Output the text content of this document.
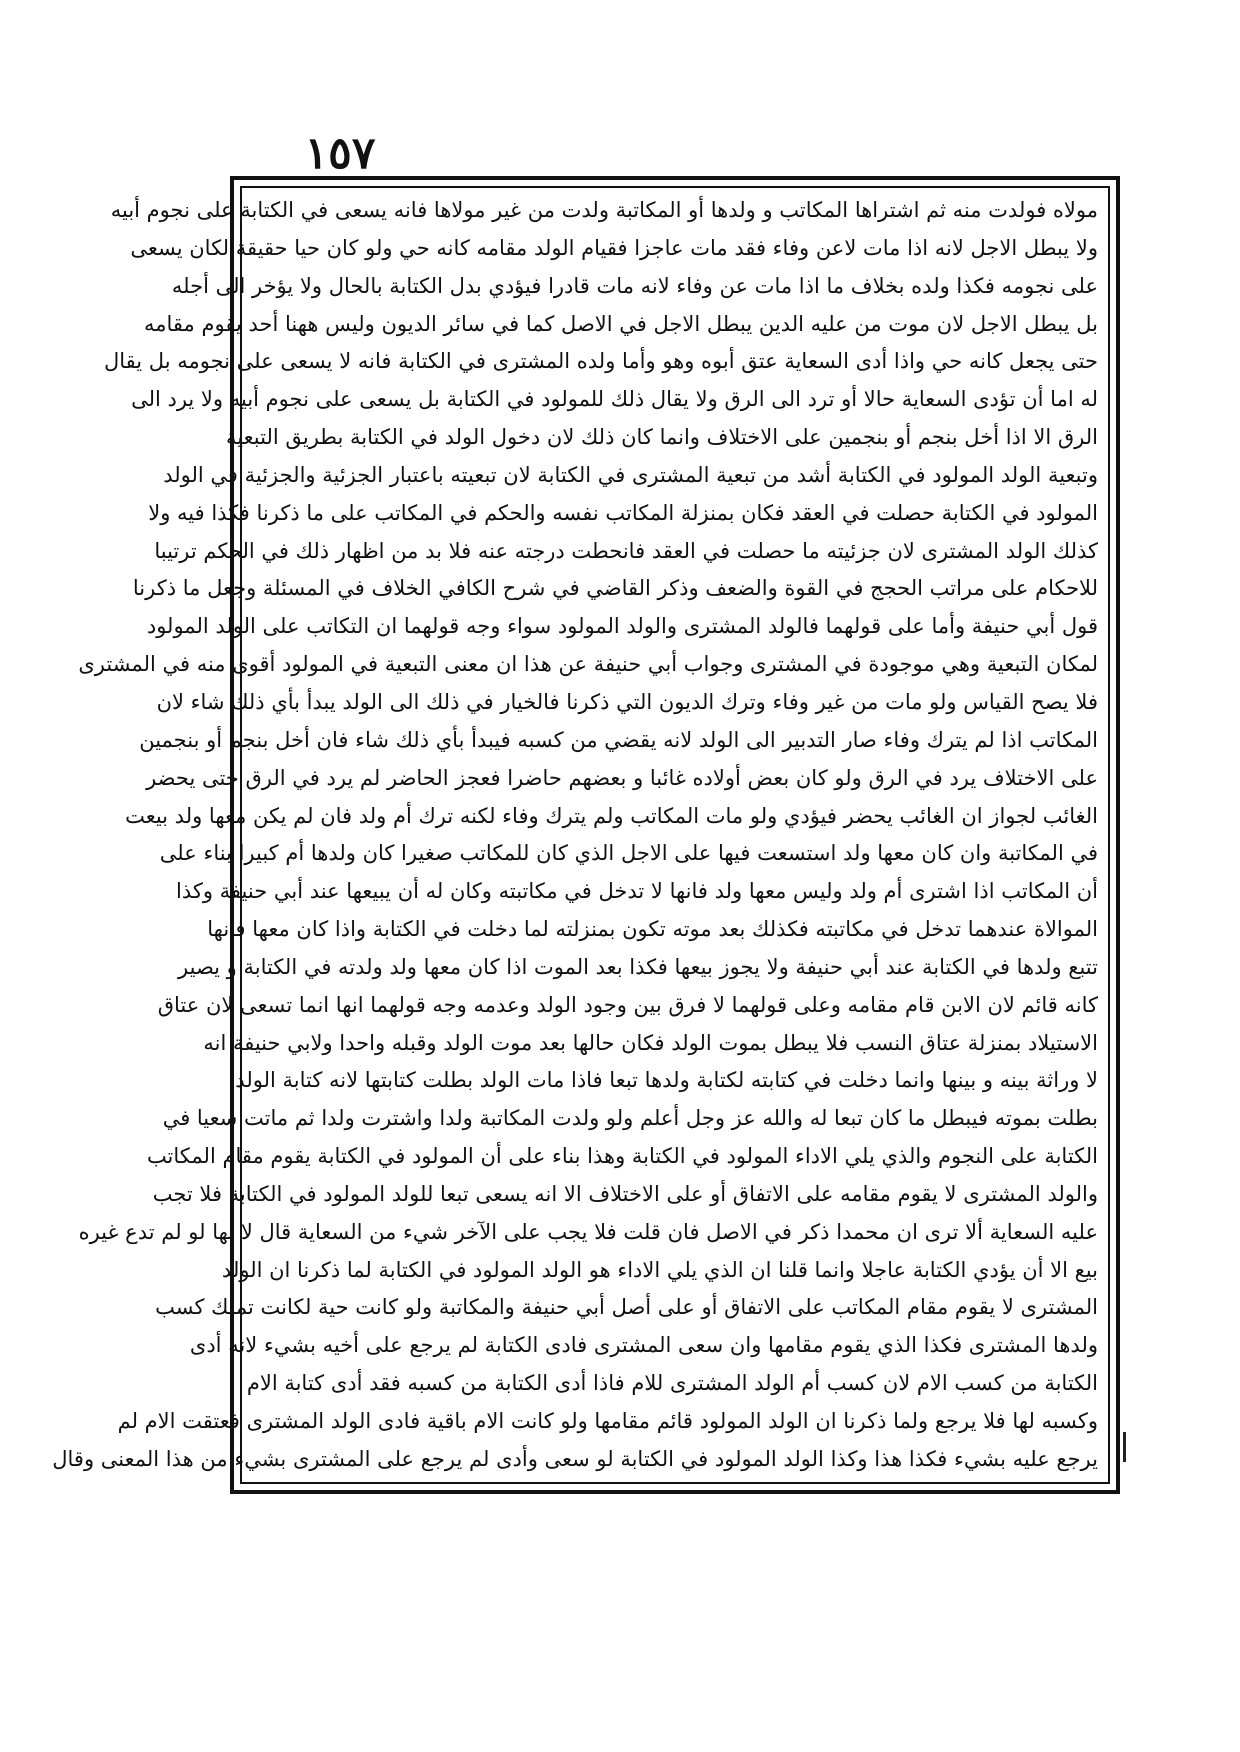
١٥٧
مولاه فولدت منه ثم اشتراها المكاتب و ولدها أو المكاتبة ولدت من غير مولاها فانه يسعى في الكتابة على نجوم أبيه
ولا يبطل الاجل لانه اذا مات لاعن وفاء فقد مات عاجزا فقيام الولد مقامه كانه حي ولو كان حيا حقيقة لكان يسعى
على نجومه فكذا ولده بخلاف ما اذا مات عن وفاء لانه مات قادرا فيؤدي بدل الكتابة بالحال ولا يؤخر الى أجله
بل يبطل الاجل لان موت من عليه الدين يبطل الاجل في الاصل كما في سائر الديون وليس ههنا أحد يقوم مقامه
حتى يجعل كانه حي واذا أدى السعاية عتق أبوه وهو وأما ولده المشترى في الكتابة فانه لا يسعى على نجومه بل يقال
له اما أن تؤدى السعاية حالا أو ترد الى الرق ولا يقال ذلك للمولود في الكتابة بل يسعى على نجوم أبيه ولا يرد الى
الرق الا اذا أخل بنجم أو بنجمين على الاختلاف وانما كان ذلك لان دخول الولد في الكتابة بطريق التبعية
وتبعية الولد المولود في الكتابة أشد من تبعية المشترى في الكتابة لان تبعيته باعتبار الجزئية والجزئية في الولد
المولود في الكتابة حصلت في العقد فكان بمنزلة المكاتب نفسه والحكم في المكاتب على ما ذكرنا فكذا فيه ولا
كذلك الولد المشترى لان جزئيته ما حصلت في العقد فانحطت درجته عنه فلا بد من اظهار ذلك في الحكم ترتيبا
للاحكام على مراتب الحجج في القوة والضعف وذكر القاضي في شرح الكافي الخلاف في المسئلة وجعل ما ذكرنا
قول أبي حنيفة وأما على قولهما فالولد المشترى والولد المولود سواء وجه قولهما ان التكاتب على الولد المولود
لمكان التبعية وهي موجودة في المشترى وجواب أبي حنيفة عن هذا ان معنى التبعية في المولود أقوى منه في المشترى
فلا يصح القياس ولو مات من غير وفاء وترك الديون التي ذكرنا فالخيار في ذلك الى الولد يبدأ بأي ذلك شاء لان
المكاتب اذا لم يترك وفاء صار التدبير الى الولد لانه يقضي من كسبه فيبدأ بأي ذلك شاء فان أخل بنجم أو بنجمين
على الاختلاف يرد في الرق ولو كان بعض أولاده غائبا و بعضهم حاضرا فعجز الحاضر لم يرد في الرق حتى يحضر
الغائب لجواز ان الغائب يحضر فيؤدي ولو مات المكاتب ولم يترك وفاء لكنه ترك أم ولد فان لم يكن معها ولد بيعت
في المكاتبة وان كان معها ولد استسعت فيها على الاجل الذي كان للمكاتب صغيرا كان ولدها أم كبيرا بناء على
أن المكاتب اذا اشترى أم ولد وليس معها ولد فانها لا تدخل في مكاتبته وكان له أن يبيعها عند أبي حنيفة وكذا
الموالاة عندهما تدخل في مكاتبته فكذلك بعد موته تكون بمنزلته لما دخلت في الكتابة واذا كان معها فانها
تتبع ولدها في الكتابة عند أبي حنيفة ولا يجوز بيعها فكذا بعد الموت اذا كان معها ولد ولدته في الكتابة و يصير
كانه قائم لان الابن قام مقامه وعلى قولهما لا فرق بين وجود الولد وعدمه وجه قولهما انها انما تسعى لان عتاق
الاستيلاد بمنزلة عتاق النسب فلا يبطل بموت الولد فكان حالها بعد موت الولد وقبله واحدا ولابي حنيفة انه
لا وراثة بينه و بينها وانما دخلت في كتابته لكتابة ولدها تبعا فاذا مات الولد بطلت كتابتها لانه كتابة الولد
بطلت بموته فيبطل ما كان تبعا له والله عز وجل أعلم ولو ولدت المكاتبة ولدا واشترت ولدا ثم ماتت سعيا في
الكتابة على النجوم والذي يلي الاداء المولود في الكتابة وهذا بناء على أن المولود في الكتابة يقوم مقام المكاتب
والولد المشترى لا يقوم مقامه على الاتفاق أو على الاختلاف الا انه يسعى تبعا للولد المولود في الكتابة فلا تجب
عليه السعاية ألا ترى ان محمدا ذكر في الاصل فان قلت فلا يجب على الآخر شيء من السعاية قال لا نها لو لم تدع غيره
بيع الا أن يؤدي الكتابة عاجلا وانما قلنا ان الذي يلي الاداء هو الولد المولود في الكتابة لما ذكرنا ان الولد
المشترى لا يقوم مقام المكاتب على الاتفاق أو على أصل أبي حنيفة والمكاتبة ولو كانت حية لكانت تملك كسب
ولدها المشترى فكذا الذي يقوم مقامها وان سعى المشترى فادى الكتابة لم يرجع على أخيه بشيء لانه أدى
الكتابة من كسب الام لان كسب أم الولد المشترى للام فاذا أدى الكتابة من كسبه فقد أدى كتابة الام
وكسبه لها فلا يرجع ولما ذكرنا ان الولد المولود قائم مقامها ولو كانت الام باقية فادى الولد المشترى فعتقت الام لم
يرجع عليه بشيء فكذا هذا وكذا الولد المولود في الكتابة لو سعى وأدى لم يرجع على المشترى بشيء من هذا المعنى وقال
